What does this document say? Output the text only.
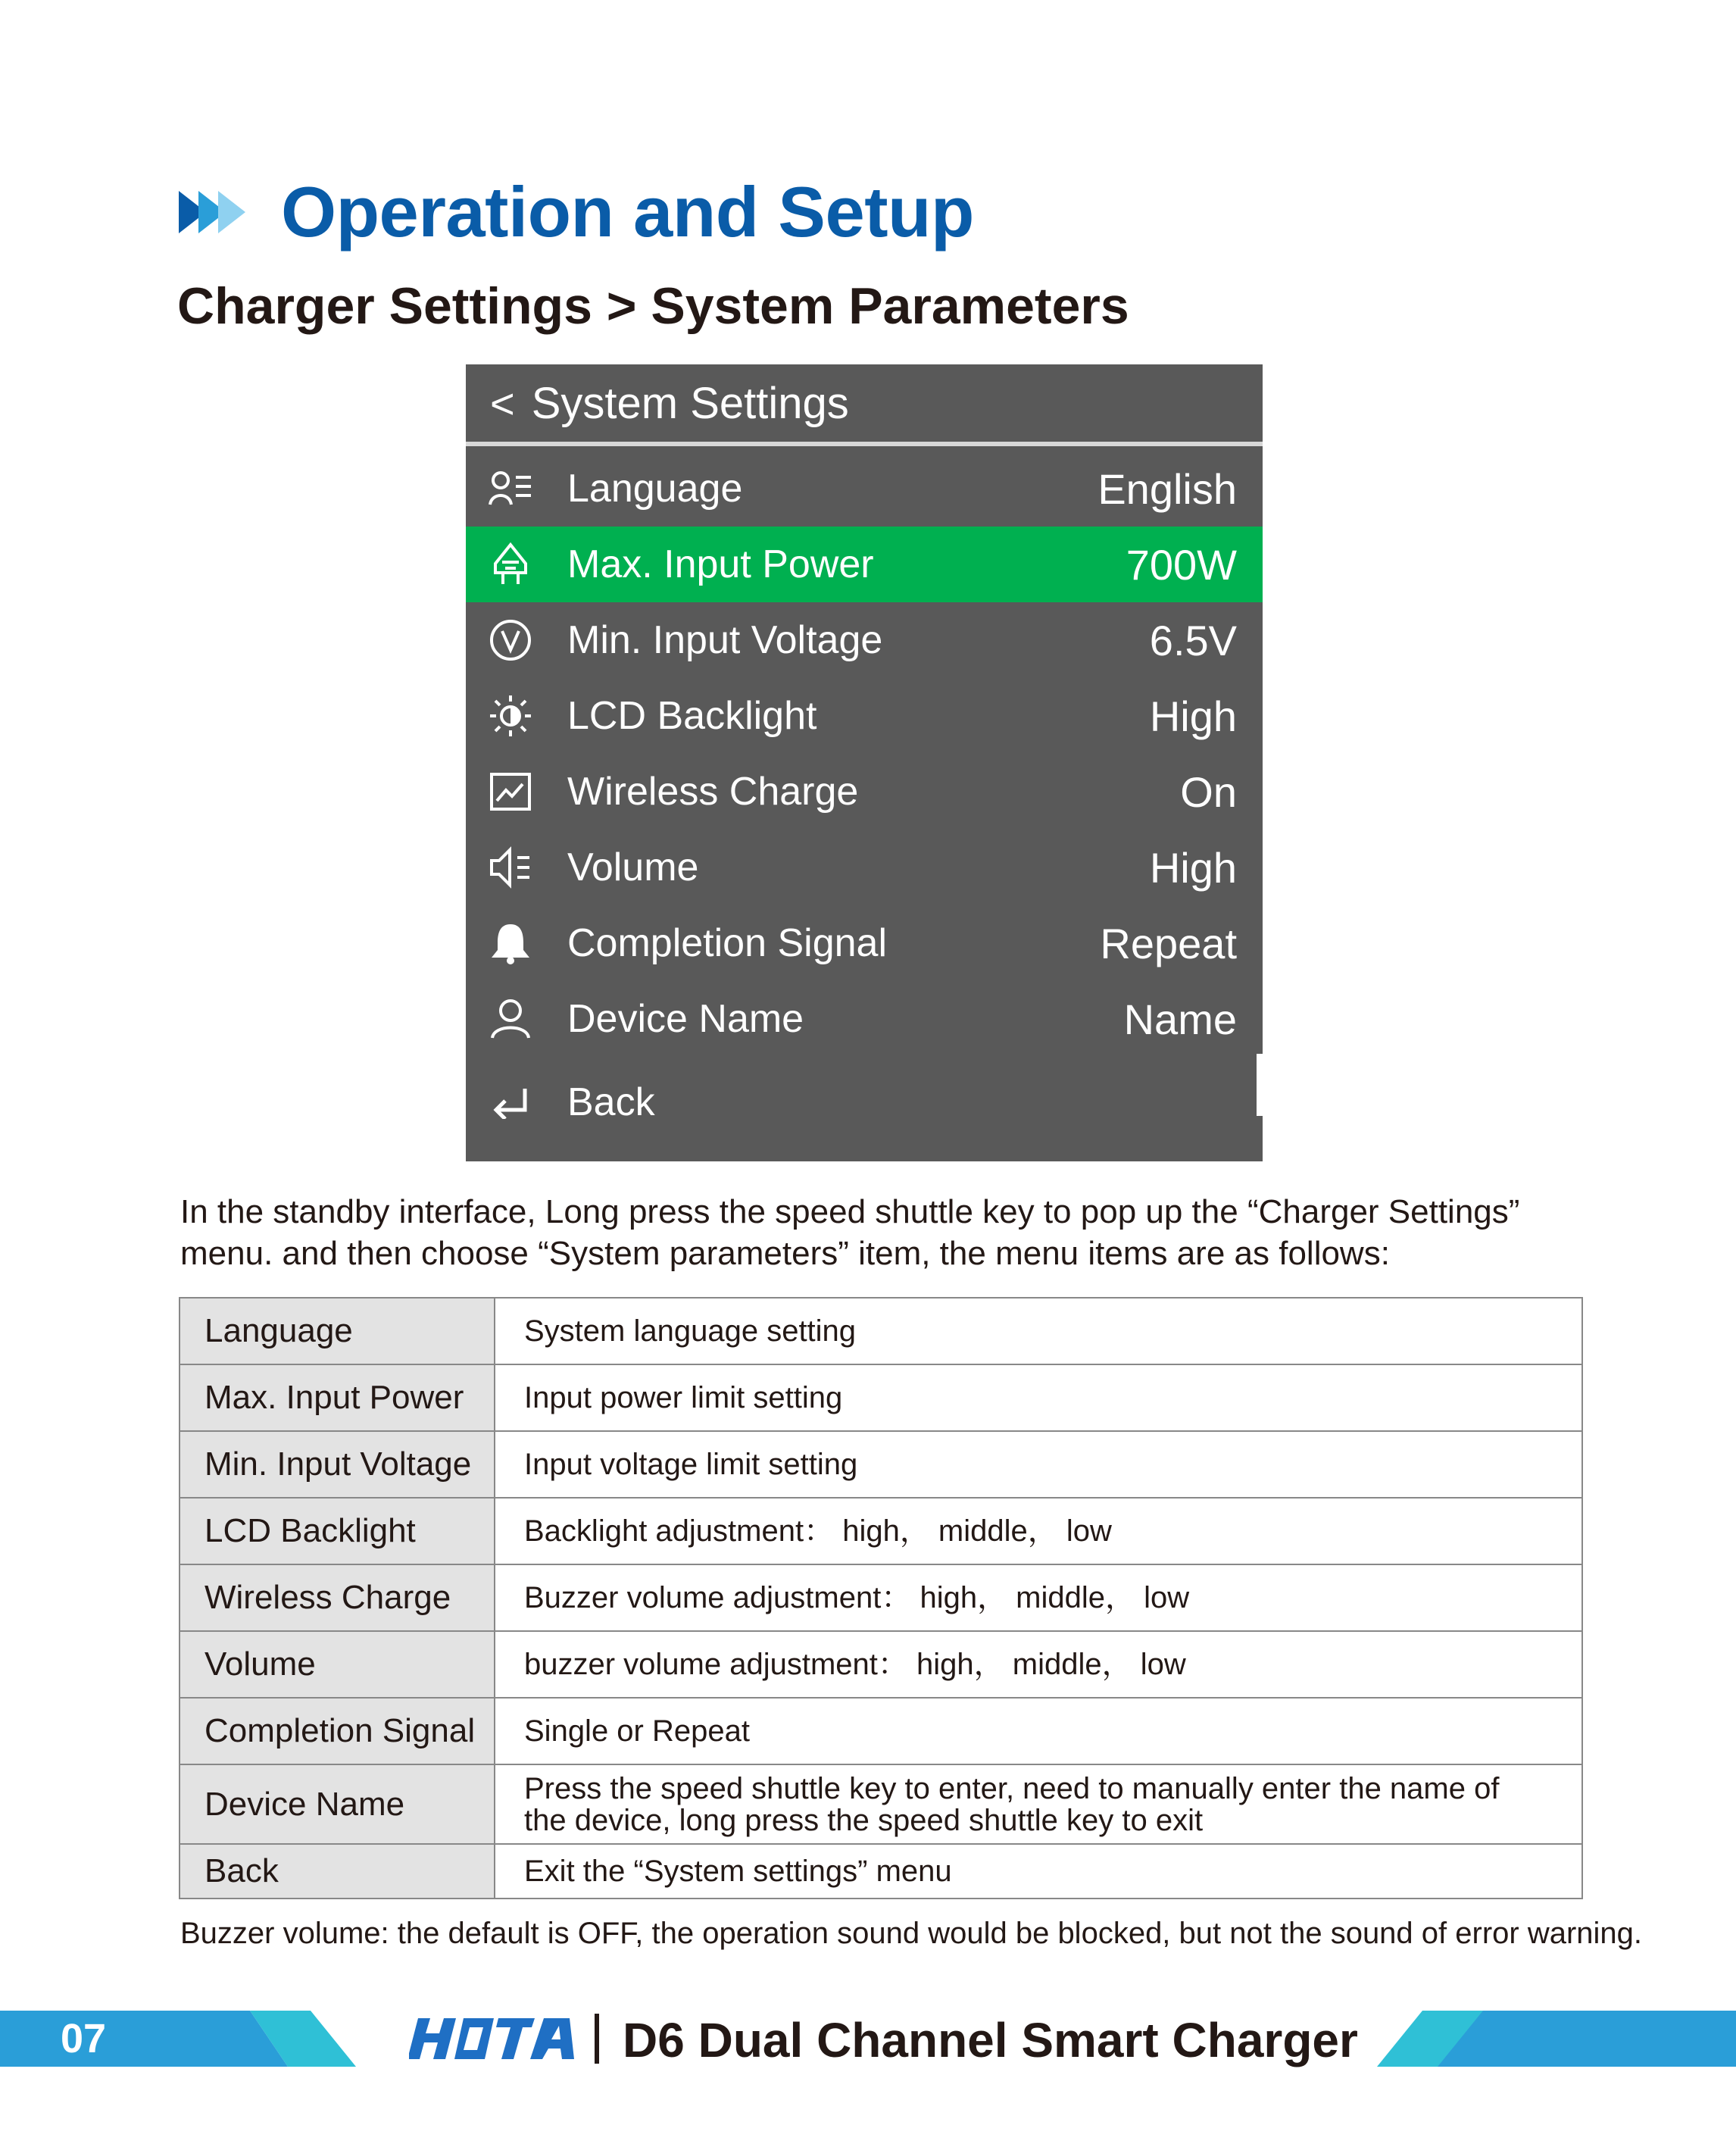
Operation and Setup
Charger Settings > System Parameters
< System Settings
Language	English
Max. Input Power	700W
Min. Input Voltage	6.5V
LCD Backlight	High
Wireless Charge	On
Volume	High
Completion Signal	Repeat
Device Name	Name
Back
In the standby interface, Long press the speed shuttle key to pop up the “Charger Settings” menu. and then choose “System parameters” item, the menu items are as follows:
Language	System language setting
Max. Input Power	Input power limit setting
Min. Input Voltage	Input voltage limit setting
LCD Backlight	Backlight adjustment： high， middle， low
Wireless Charge	Buzzer volume adjustment： high， middle， low
Volume	buzzer volume adjustment： high， middle， low
Completion Signal	Single or Repeat
Device Name	Press the speed shuttle key to enter, need to manually enter the name of the device, long press the speed shuttle key to exit
Back	Exit the “System settings” menu
Buzzer volume: the default is OFF, the operation sound would be blocked, but not the sound of error warning.
07	D6 Dual Channel Smart Charger
